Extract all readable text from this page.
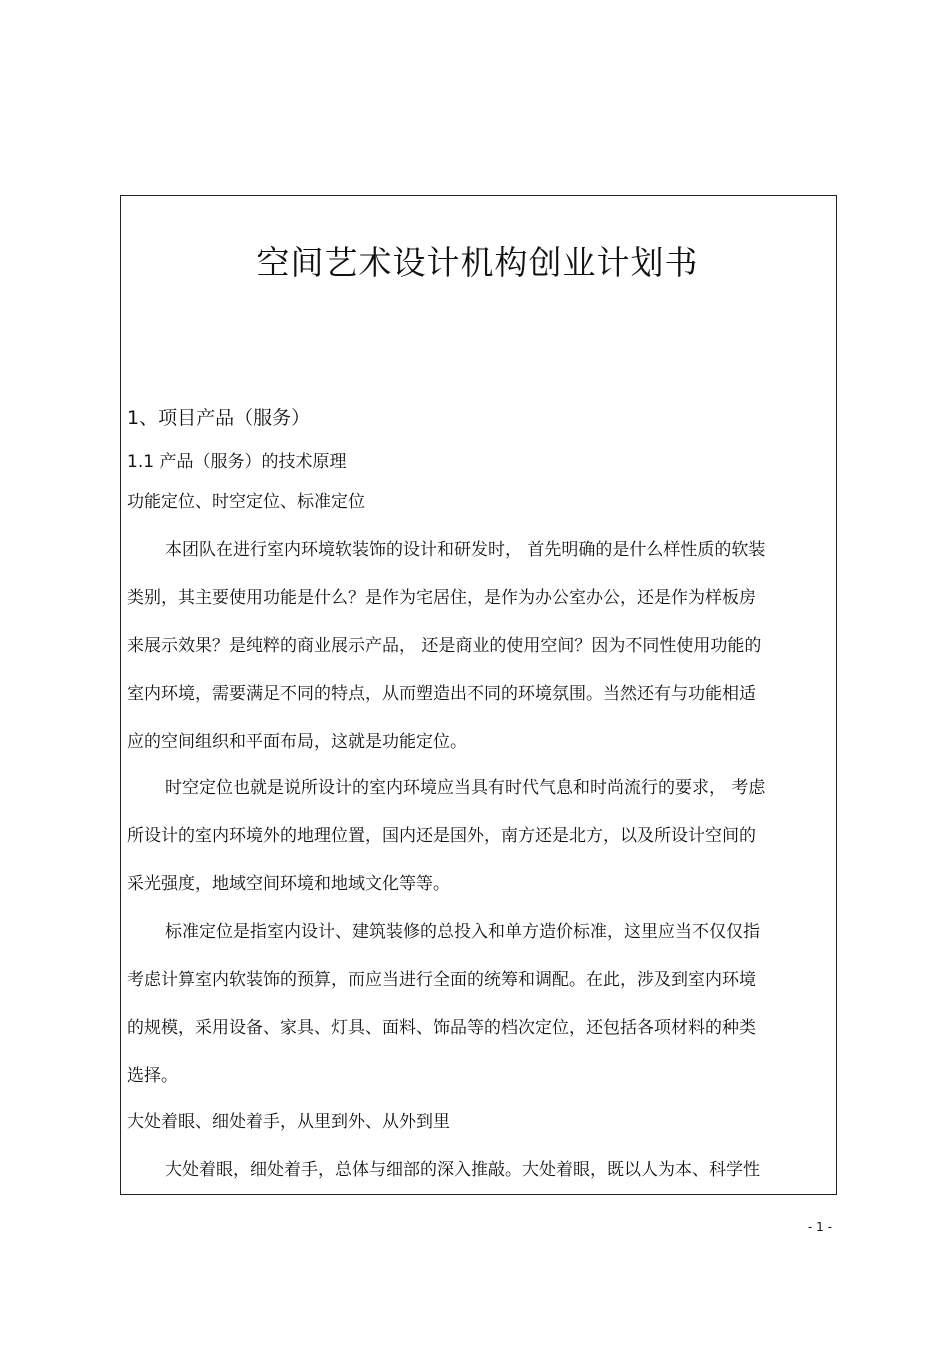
空间艺术设计机构创业计划书
1、项目产品（服务）
1.1 产品（服务）的技术原理
功能定位、时空定位、标准定位
本团队在进行室内环境软装饰的设计和研发时， 首先明确的是什么样性质的软装
类别，其主要使用功能是什么？是作为宅居住，是作为办公室办公，还是作为样板房
来展示效果？是纯粹的商业展示产品， 还是商业的使用空间？因为不同性使用功能的
室内环境，需要满足不同的特点，从而塑造出不同的环境氛围。当然还有与功能相适
应的空间组织和平面布局，这就是功能定位。
时空定位也就是说所设计的室内环境应当具有时代气息和时尚流行的要求， 考虑
所设计的室内环境外的地理位置，国内还是国外，南方还是北方，以及所设计空间的
采光强度，地域空间环境和地域文化等等。
标准定位是指室内设计、建筑装修的总投入和单方造价标准，这里应当不仅仅指
考虑计算室内软装饰的预算，而应当进行全面的统筹和调配。在此，涉及到室内环境
的规模，采用设备、家具、灯具、面料、饰品等的档次定位，还包括各项材料的种类
选择。
大处着眼、细处着手，从里到外、从外到里
大处着眼，细处着手，总体与细部的深入推敲。大处着眼，既以人为本、科学性
- 1 -
